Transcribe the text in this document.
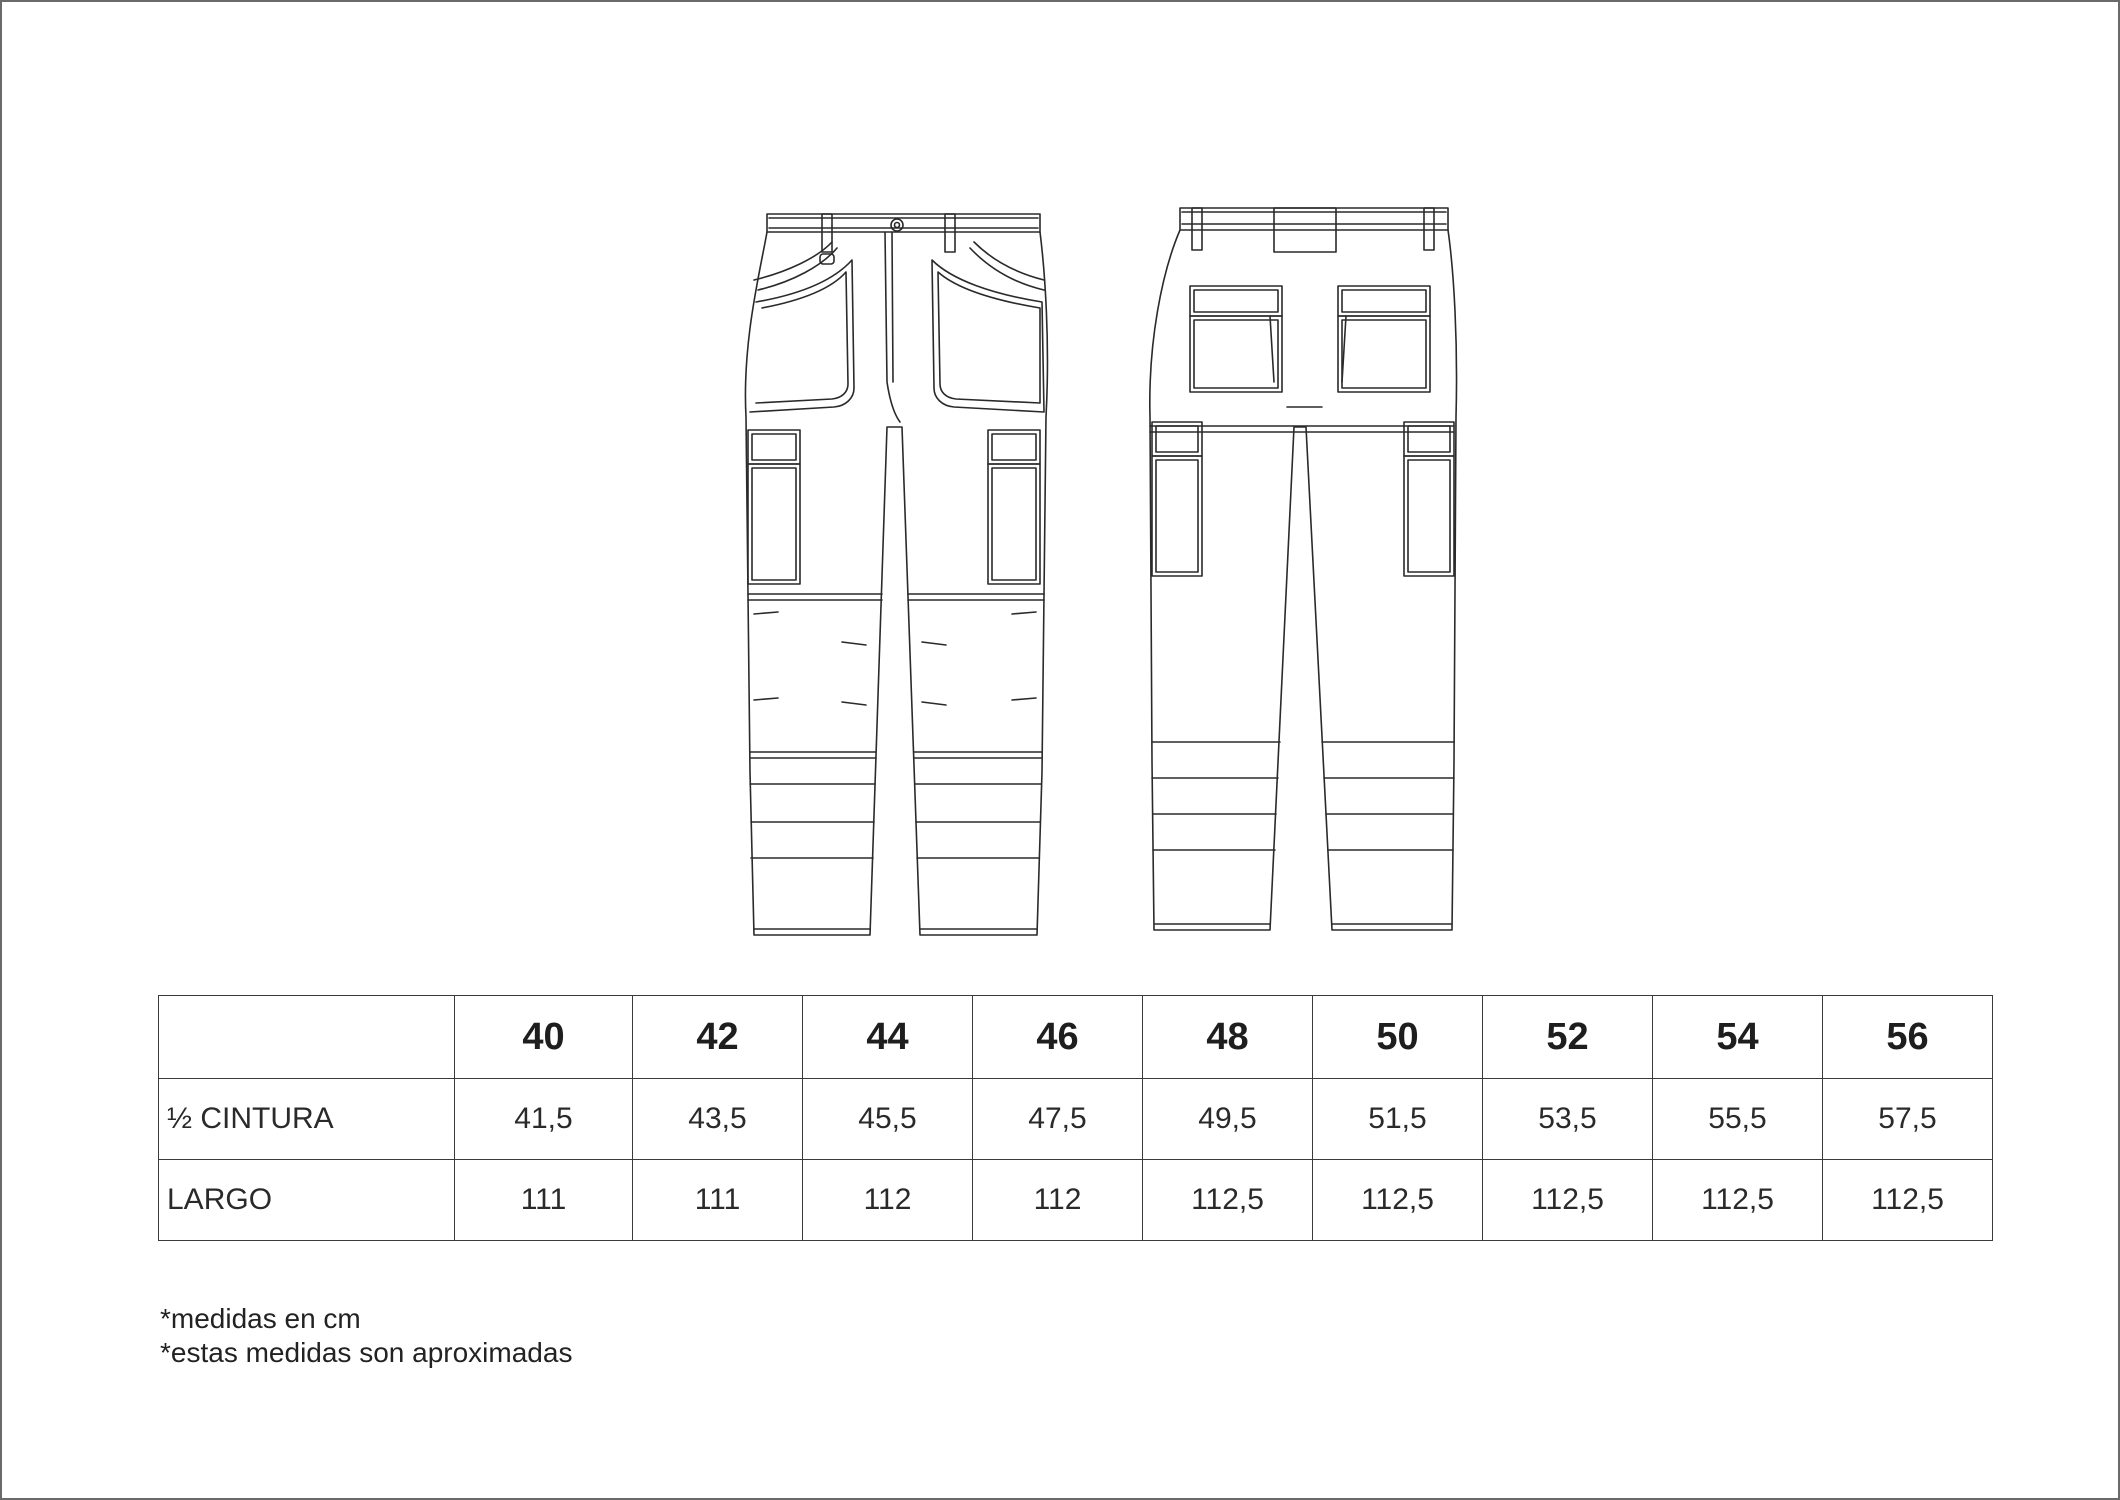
	40	42	44	46	48	50	52	54	56
½ CINTURA	41,5	43,5	45,5	47,5	49,5	51,5	53,5	55,5	57,5
LARGO	111	111	112	112	112,5	112,5	112,5	112,5	112,5
*medidas en cm
*estas medidas son aproximadas
